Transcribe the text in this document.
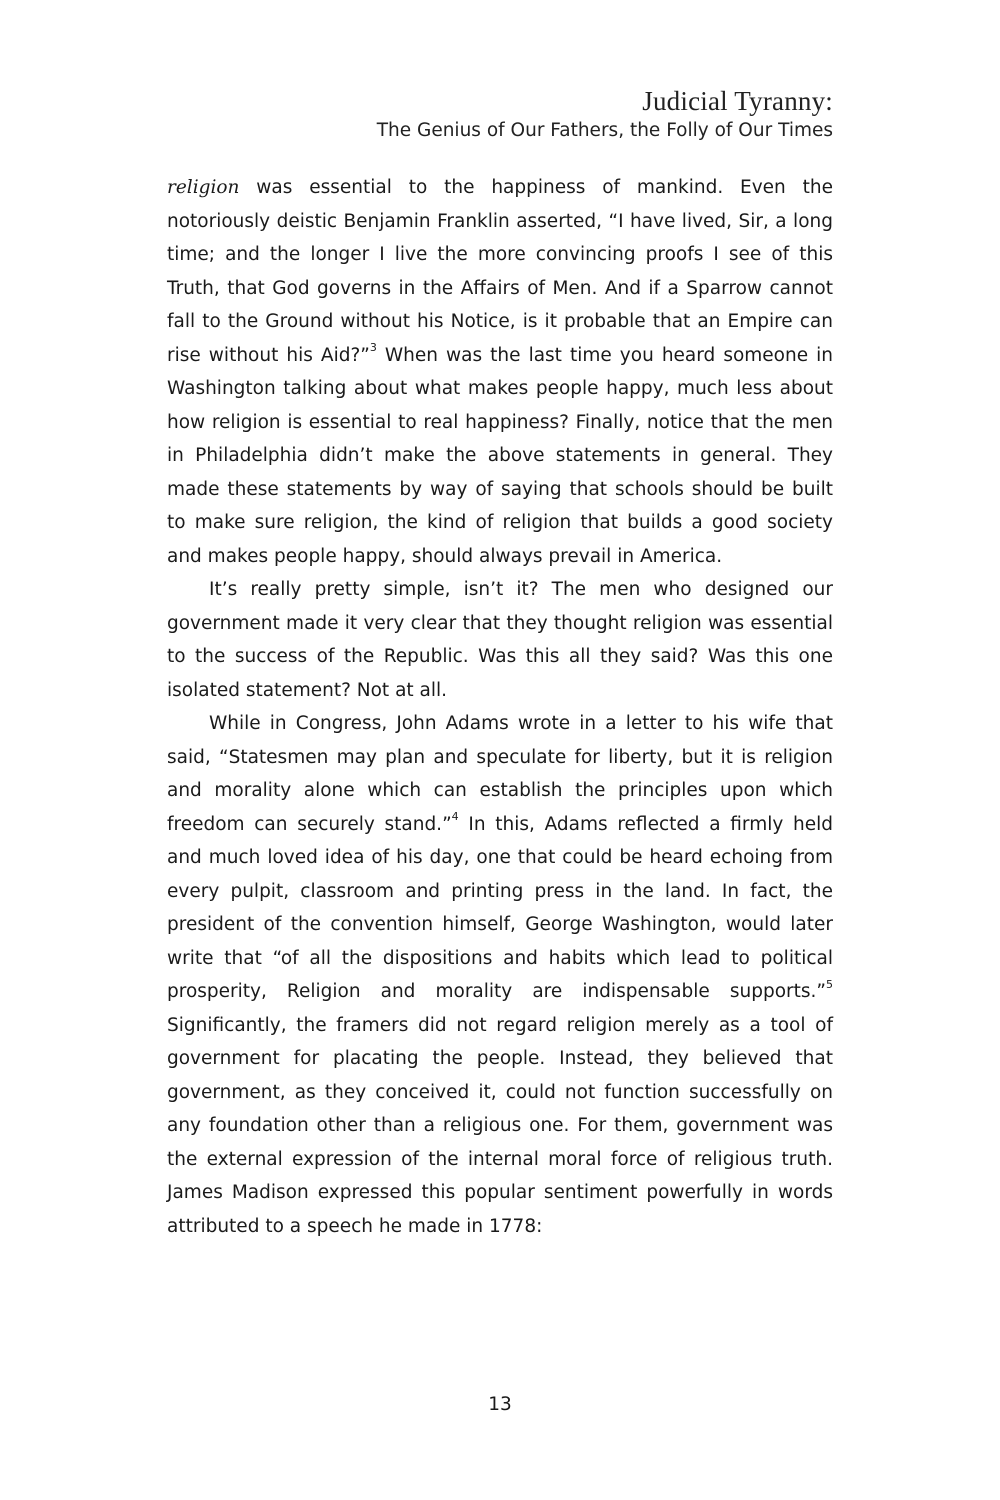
Judicial Tyranny:
The Genius of Our Fathers, the Folly of Our Times

religion was essential to the happiness of mankind. Even the notoriously deistic Benjamin Franklin asserted, “I have lived, Sir, a long time; and the longer I live the more convincing proofs I see of this Truth, that God governs in the Affairs of Men. And if a Sparrow cannot fall to the Ground without his Notice, is it probable that an Empire can rise without his Aid?”$^3$ When was the last time you heard someone in Washington talking about what makes people happy, much less about how religion is essential to real happiness? Finally, notice that the men in Philadelphia didn’t make the above statements in general. They made these statements by way of saying that schools should be built to make sure religion, the kind of religion that builds a good society and makes people happy, should always prevail in America.

It’s really pretty simple, isn’t it? The men who designed our government made it very clear that they thought religion was essential to the success of the Republic. Was this all they said? Was this one isolated statement? Not at all.

While in Congress, John Adams wrote in a letter to his wife that said, “Statesmen may plan and speculate for liberty, but it is religion and morality alone which can establish the principles upon which freedom can securely stand.”$^4$ In this, Adams reflected a firmly held and much loved idea of his day, one that could be heard echoing from every pulpit, classroom and printing press in the land. In fact, the president of the convention himself, George Washington, would later write that “of all the dispositions and habits which lead to political prosperity, Religion and morality are indispensable supports.”$^5$ Significantly, the framers did not regard religion merely as a tool of government for placating the people. Instead, they believed that government, as they conceived it, could not function successfully on any foundation other than a religious one. For them, government was the external expression of the internal moral force of religious truth. James Madison expressed this popular sentiment powerfully in words attributed to a speech he made in 1778:

13
